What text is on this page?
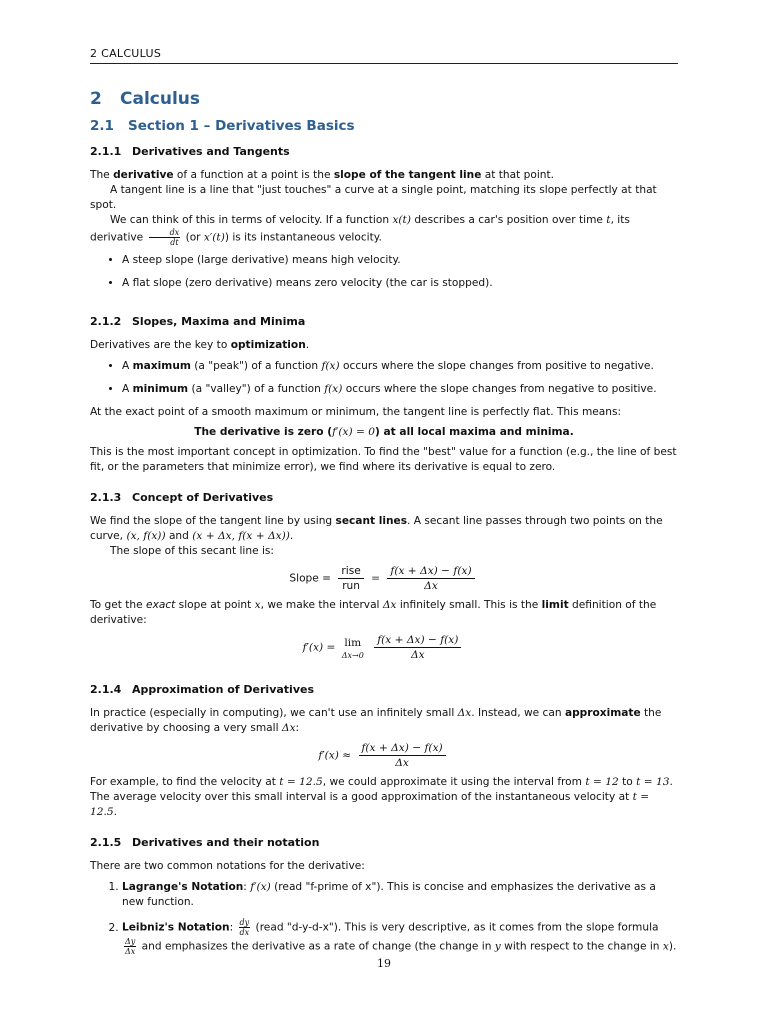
2 CALCULUS
2 Calculus
2.1 Section 1 – Derivatives Basics
2.1.1 Derivatives and Tangents

The derivative of a function at a point is the slope of the tangent line at that point.

A tangent line is a line that "just touches" a curve at a single point, matching its slope perfectly at that spot.

We can think of this in terms of velocity. If a function x(t) describes a car's position over time t, its derivative $\frac{dx}{dt} (or$ x′(t)) is its instantaneous velocity.

• A steep slope (large derivative) means high velocity.
• A flat slope (zero derivative) means zero velocity (the car is stopped).
2.1.2 Slopes, Maxima and Minima

Derivatives are the key to optimization.

• A maximum (a "peak") of a function f(x) occurs where the slope changes from positive to negative.
• A minimum (a "valley") of a function f(x) occurs where the slope changes from negative to positive.

At the exact point of a smooth maximum or minimum, the tangent line is perfectly flat. This means:

The derivative is zero (f′(x) = 0) at all local maxima and minima.

This is the most important concept in optimization. To find the "best" value for a function (e.g., the line of best fit, or the parameters that minimize error), we find where its derivative is equal to zero.

2.1.3 Concept of Derivatives

We find the slope of the tangent line by using secant lines. A secant line passes through two points on the curve, (x, f(x)) and (x + Δx, f(x + Δx)).

The slope of this secant line is:

Slope = $\frac{\text{rise}}{\text{run}} = \frac{f(x + \Delta x) - f(x)}{\Delta x}$

To get the exact slope at point x, we make the interval Δx infinitely small. This is the limit definition of the derivative:

f′(x) = lim
Δx→0
$\frac{f(x + \Delta x) - f(x)}{\Delta x}$
2.1.4 Approximation of Derivatives

In practice (especially in computing), we can't use an infinitely small Δx. Instead, we can approximate the derivative by choosing a very small Δx:

$f'(x) \approx \frac{f(x + \Delta x) - f(x)}{\Delta x}$

For example, to find the velocity at t = 12.5, we could approximate it using the interval from t = 12 to t = 13.

The average velocity over this small interval is a good approximation of the instantaneous velocity at t = 12.5.

2.1.5 Derivatives and their notation

There are two common notations for the derivative:

1. Lagrange's Notation: f′(x) (read "f-prime of x"). This is concise and emphasizes the derivative as a new function.
2. Leibniz's Notation: $\frac{dy}{dx}$ (read "d-y-d-x"). This is very descriptive, as it comes from the slope formula
$\frac{\Delta y}{\Delta x}$ and emphasizes the derivative as a rate of change (the change in y with respect to the change in x).
19
